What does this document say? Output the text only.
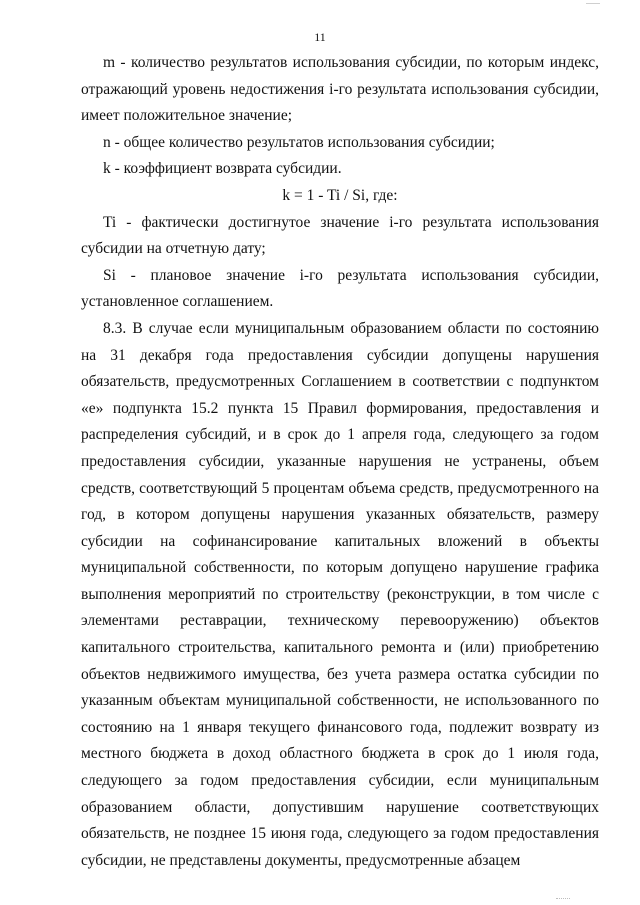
11

m - количество результатов использования субсидии, по которым индекс, отражающий уровень недостижения i-го результата использования субсидии, имеет положительное значение;

n - общее количество результатов использования субсидии;

k - коэффициент возврата субсидии.

k = 1 - Ti / Si, где:

Ti - фактически достигнутое значение i-го результата использования субсидии на отчетную дату;

Si - плановое значение i-го результата использования субсидии, установленное соглашением.

8.3. В случае если муниципальным образованием области по состоянию на 31 декабря года предоставления субсидии допущены нарушения обязательств, предусмотренных Соглашением в соответствии с подпунктом «е» подпункта 15.2 пункта 15 Правил формирования, предоставления и распределения субсидий, и в срок до 1 апреля года, следующего за годом предоставления субсидии, указанные нарушения не устранены, объем средств, соответствующий 5 процентам объема средств, предусмотренного на год, в котором допущены нарушения указанных обязательств, размеру субсидии на софинансирование капитальных вложений в объекты муниципальной собственности, по которым допущено нарушение графика выполнения мероприятий по строительству (реконструкции, в том числе с элементами реставрации, техническому перевооружению) объектов капитального строительства, капитального ремонта и (или) приобретению объектов недвижимого имущества, без учета размера остатка субсидии по указанным объектам муниципальной собственности, не использованного по состоянию на 1 января текущего финансового года, подлежит возврату из местного бюджета в доход областного бюджета в срок до 1 июля года, следующего за годом предоставления субсидии, если муниципальным образованием области, допустившим нарушение соответствующих обязательств, не позднее 15 июня года, следующего за годом предоставления субсидии, не представлены документы, предусмотренные абзацем
